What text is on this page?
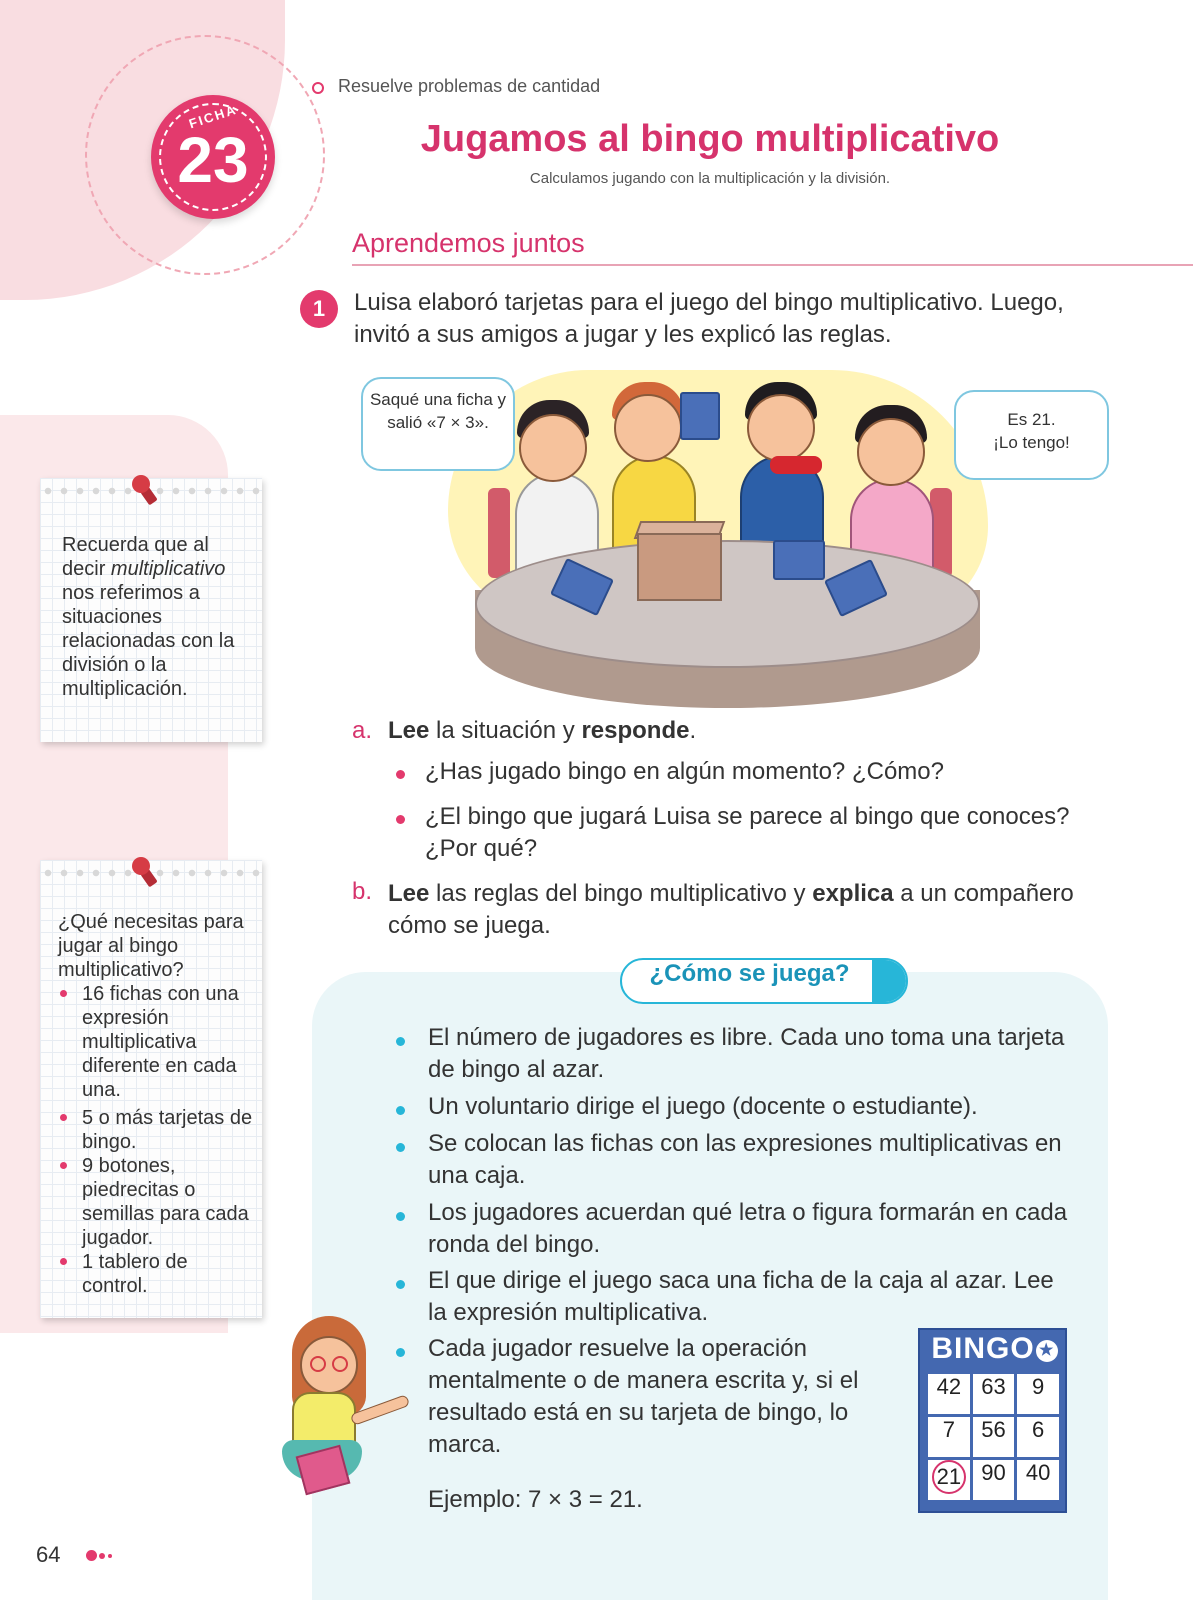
FICHA
23
Resuelve problemas de cantidad
Jugamos al bingo multiplicativo
Calculamos jugando con la multiplicación y la división.
Aprendemos juntos
1	Luisa elaboró tarjetas para el juego del bingo multiplicativo. Luego, invitó a sus amigos a jugar y les explicó las reglas.
Saqué una ficha y salió «7 × 3».	Es 21.
¡Lo tengo!
a. Lee la situación y responde.
¿Has jugado bingo en algún momento? ¿Cómo?
¿El bingo que jugará Luisa se parece al bingo que conoces? ¿Por qué?
b. Lee las reglas del bingo multiplicativo y explica a un compañero cómo se juega.
¿Cómo se juega?
El número de jugadores es libre. Cada uno toma una tarjeta de bingo al azar.
Un voluntario dirige el juego (docente o estudiante).
Se colocan las fichas con las expresiones multiplicativas en una caja.
Los jugadores acuerdan qué letra o figura formarán en cada ronda del bingo.
El que dirige el juego saca una ficha de la caja al azar. Lee la expresión multiplicativa.
Cada jugador resuelve la operación mentalmente o de manera escrita y, si el resultado está en su tarjeta de bingo, lo marca.
Ejemplo: 7 × 3 = 21.
BINGO ★
42 63	9
7	56	6
21 90 40
Recuerda que al decir multiplicativo nos referimos a situaciones relacionadas con la división o la multiplicación.
¿Qué necesitas para jugar al bingo multiplicativo?
16 fichas con una expresión multiplicativa diferente en cada una.
5 o más tarjetas de bingo.
9 botones, piedrecitas o semillas para cada jugador.
1 tablero de control.
64
